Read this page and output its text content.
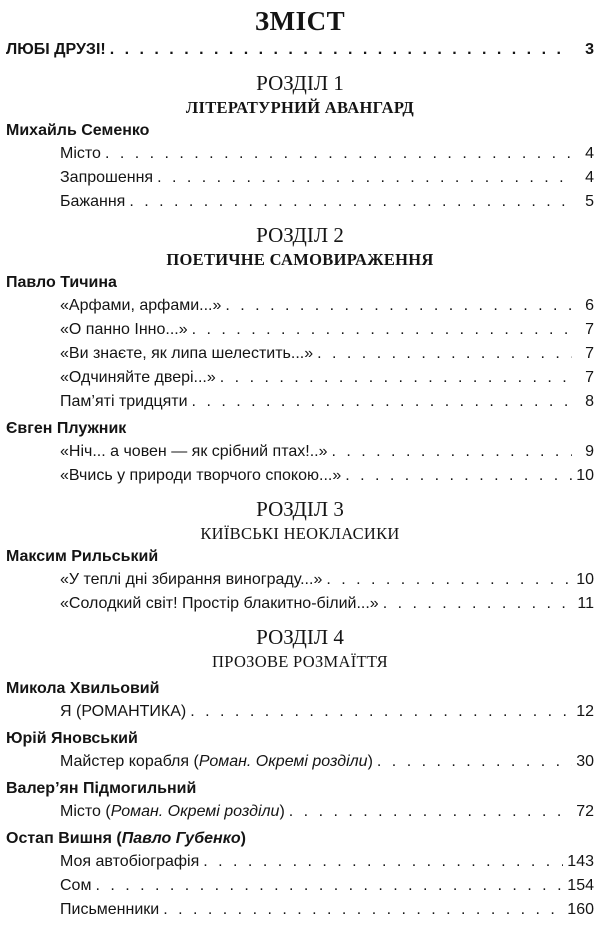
ЗМІСТ
ЛЮБІ ДРУЗІ! . . .	3
РОЗДІЛ 1
ЛІТЕРАТУРНИЙ АВАНГАРД
Михайль Семенко
Місто . . .	4
Запрошення . . .	4
Бажання . . .	5
РОЗДІЛ 2
ПОЕТИЧНЕ САМОВИРАЖЕННЯ
Павло Тичина
«Арфами, арфами...» . . .	6
«О панно Інно...» . . .	7
«Ви знаєте, як липа шелестить...» . . .	7
«Одчиняйте двері...» . . .	7
Пам’яті тридцяти . . .	8
Євген Плужник
«Ніч... а човен — як срібний птах!..» . . .	9
«Вчись у природи творчого спокою...» . . .	10
РОЗДІЛ 3
КИЇВСЬКІ НЕОКЛАСИКИ
Максим Рильський
«У теплі дні збирання винограду...» . . .	10
«Солодкий світ! Простір блакитно-білий...» . . .	11
РОЗДІЛ 4
ПРОЗОВЕ РОЗМАЇТТЯ
Микола Хвильовий
Я (РОМАНТИКА) . . .	12
Юрій Яновський
Майстер корабля (Роман. Окремі розділи) . . .	30
Валер’ян Підмогильний
Місто (Роман. Окремі розділи) . . .	72
Остап Вишня (Павло Губенко)
Моя автобіографія . . .	143
Сом . . .	154
Письменники . . .	160
